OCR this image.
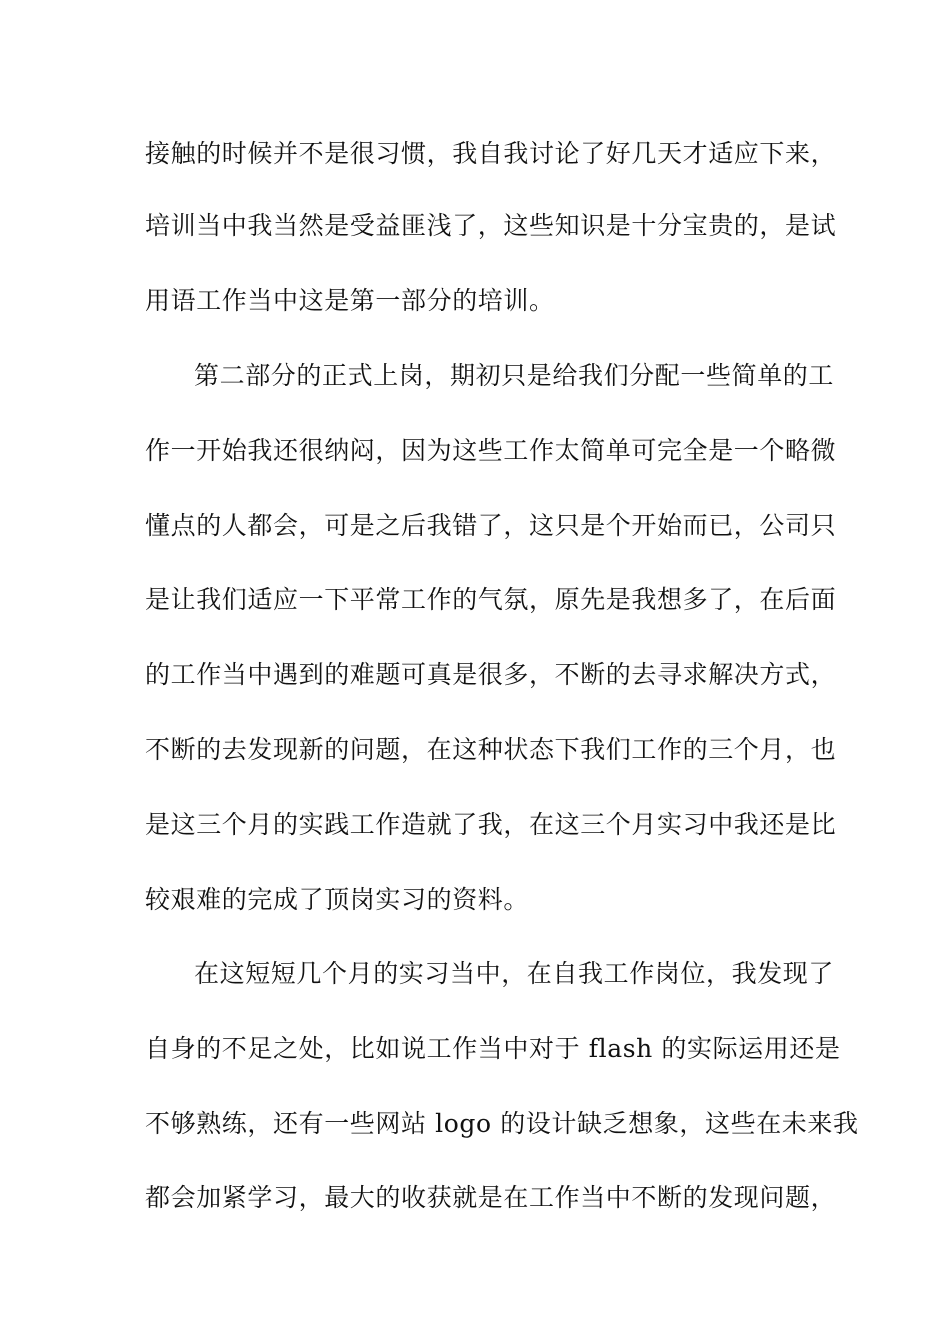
接触的时候并不是很习惯，我自我讨论了好几天才适应下来，
培训当中我当然是受益匪浅了，这些知识是十分宝贵的，是试
用语工作当中这是第一部分的培训。
第二部分的正式上岗，期初只是给我们分配一些简单的工
作一开始我还很纳闷，因为这些工作太简单可完全是一个略微
懂点的人都会，可是之后我错了，这只是个开始而已，公司只
是让我们适应一下平常工作的气氛，原先是我想多了，在后面
的工作当中遇到的难题可真是很多，不断的去寻求解决方式，
不断的去发现新的问题，在这种状态下我们工作的三个月，也
是这三个月的实践工作造就了我，在这三个月实习中我还是比
较艰难的完成了顶岗实习的资料。
在这短短几个月的实习当中，在自我工作岗位，我发现了
自身的不足之处，比如说工作当中对于 flash 的实际运用还是
不够熟练，还有一些网站 logo 的设计缺乏想象，这些在未来我
都会加紧学习，最大的收获就是在工作当中不断的发现问题，
